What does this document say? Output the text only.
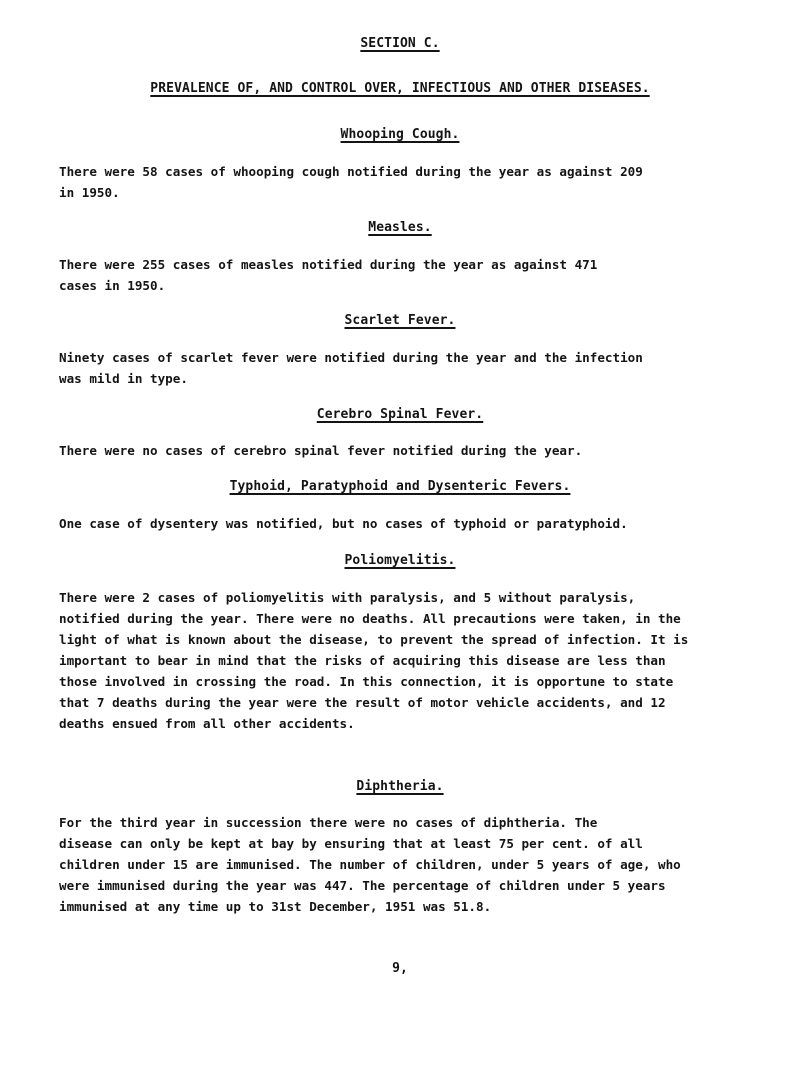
SECTION C.
PREVALENCE OF, AND CONTROL OVER, INFECTIOUS AND OTHER DISEASES.
Whooping Cough.
There were 58 cases of whooping cough notified during the year as against 209
in 1950.
Measles.
There were 255 cases of measles notified during the year as against 471
cases in 1950.
Scarlet Fever.
Ninety cases of scarlet fever were notified during the year and the infection
was mild in type.
Cerebro Spinal Fever.
There were no cases of cerebro spinal fever notified during the year.
Typhoid, Paratyphoid and Dysenteric Fevers.
One case of dysentery was notified, but no cases of typhoid or paratyphoid.
Poliomyelitis.
There were 2 cases of poliomyelitis with paralysis, and 5 without paralysis,
notified during the year. There were no deaths. All precautions were taken, in the
light of what is known about the disease, to prevent the spread of infection. It is
important to bear in mind that the risks of acquiring this disease are less than
those involved in crossing the road. In this connection, it is opportune to state
that 7 deaths during the year were the result of motor vehicle accidents, and 12
deaths ensued from all other accidents.
Diphtheria.
For the third year in succession there were no cases of diphtheria. The
disease can only be kept at bay by ensuring that at least 75 per cent. of all
children under 15 are immunised. The number of children, under 5 years of age, who
were immunised during the year was 447. The percentage of children under 5 years
immunised at any time up to 31st December, 1951 was 51.8.
9,
